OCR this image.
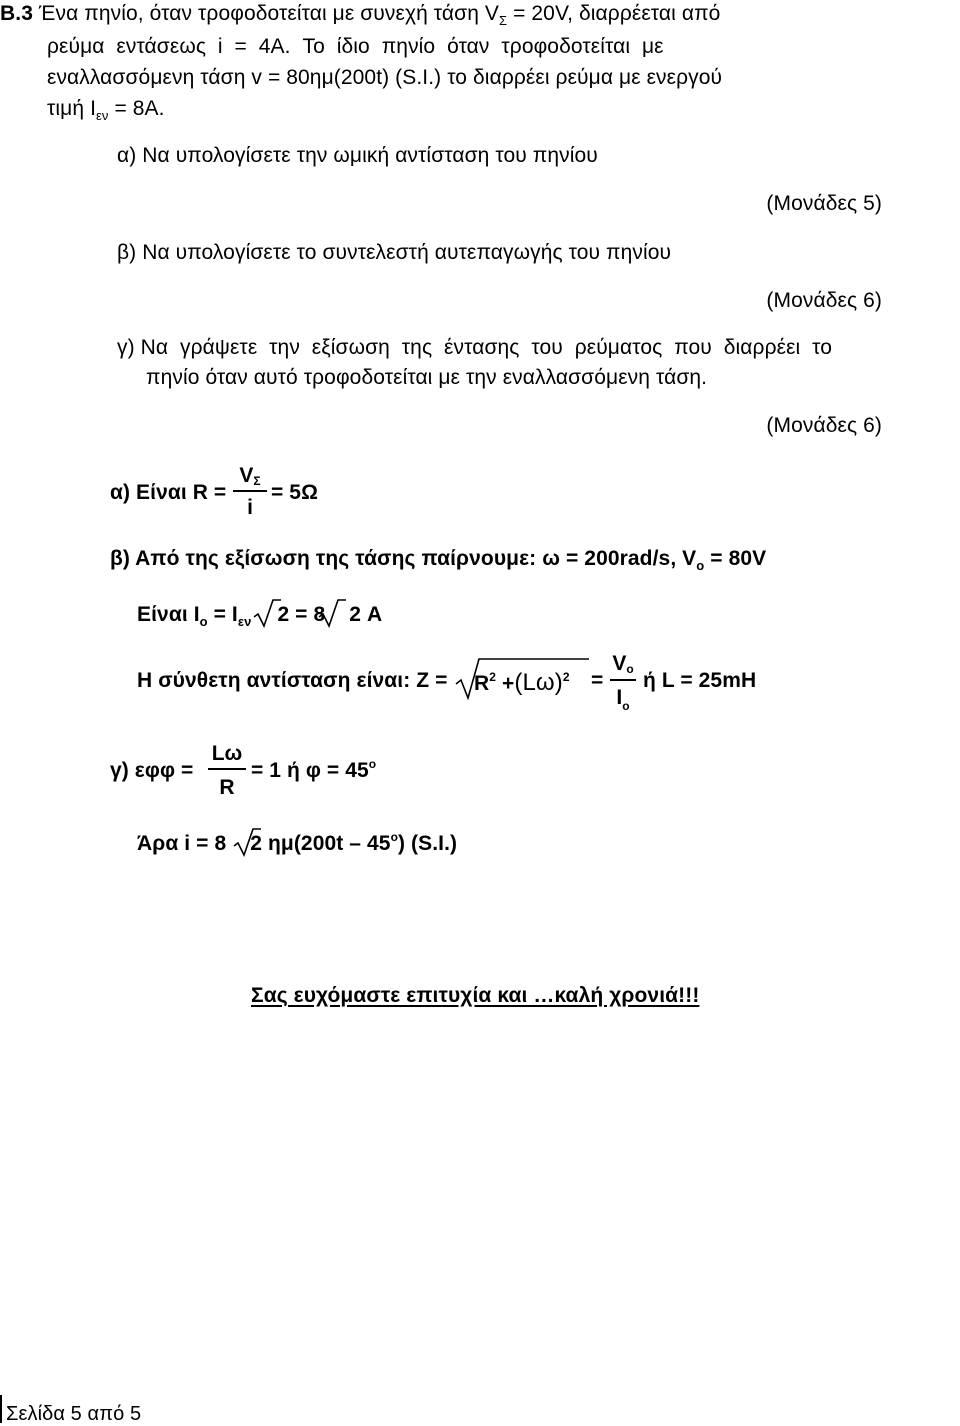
Β.3 Ένα πηνίο, όταν τροφοδοτείται με συνεχή τάση $V_\Sigma = 20V$, διαρρέεται από
ρεύμα  εντάσεως  i  =  4A.  Το  ίδιο  πηνίο  όταν  τροφοδοτείται  με
εναλλασσόμενη τάση v = 80ημ(200t) (S.I.) το διαρρέει ρεύμα με ενεργού
τιμή $I_{\varepsilon\nu} = 8A$.
α) Να υπολογίσετε την ωμική αντίσταση του πηνίου
(Μονάδες 5)
β) Να υπολογίσετε το συντελεστή αυτεπαγωγής του πηνίου
(Μονάδες 6)
γ) Να  γράψετε  την  εξίσωση  της  έντασης  του  ρεύματος  που  διαρρέει  το
πηνίο όταν αυτό τροφοδοτείται με την εναλλασσόμενη τάση.
(Μονάδες 6)
α) Είναι R =
VΣ
i
= 5Ω
β) Από της εξίσωση της τάσης παίρνουμε: ω = 200rad/s, $V_o = 80V$
Είναι $I_o = I_{\varepsilon\nu}$ 2 = 8 2 A
Η σύνθετη αντίσταση είναι: $Z = R^2 +(L\omega)^2$ =
Vo
$I_o$
ή L = 25mH
γ) εφφ =
Lω
R
= 1 ή $\varphi = 45^o$
Άρα i = 8 2 ημ(200t – 45$^o$) (S.I.)
Σας ευχόμαστε επιτυχία και …καλή χρονιά!!!
Σελίδα 5 από 5
